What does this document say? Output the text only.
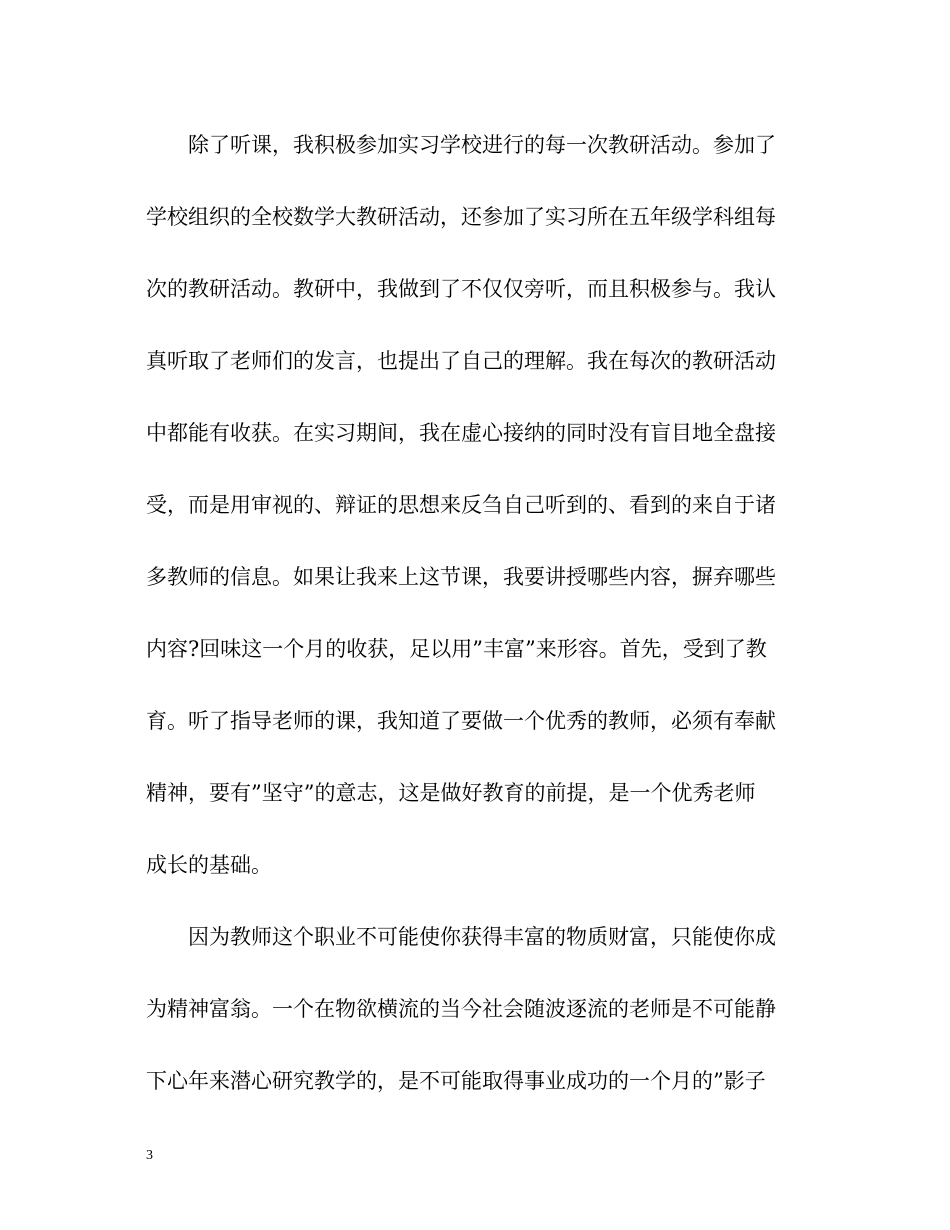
除了听课，我积极参加实习学校进行的每一次教研活动。参加了
学校组织的全校数学大教研活动，还参加了实习所在五年级学科组每
次的教研活动。教研中，我做到了不仅仅旁听，而且积极参与。我认
真听取了老师们的发言，也提出了自己的理解。我在每次的教研活动
中都能有收获。在实习期间，我在虚心接纳的同时没有盲目地全盘接
受，而是用审视的、辩证的思想来反刍自己听到的、看到的来自于诸
多教师的信息。如果让我来上这节课，我要讲授哪些内容，摒弃哪些
内容?回味这一个月的收获，足以用”丰富”来形容。首先，受到了教
育。听了指导老师的课，我知道了要做一个优秀的教师，必须有奉献
精神，要有”坚守”的意志，这是做好教育的前提，是一个优秀老师
成长的基础。
因为教师这个职业不可能使你获得丰富的物质财富，只能使你成
为精神富翁。一个在物欲横流的当今社会随波逐流的老师是不可能静
下心年来潜心研究教学的，是不可能取得事业成功的一个月的”影子
3
